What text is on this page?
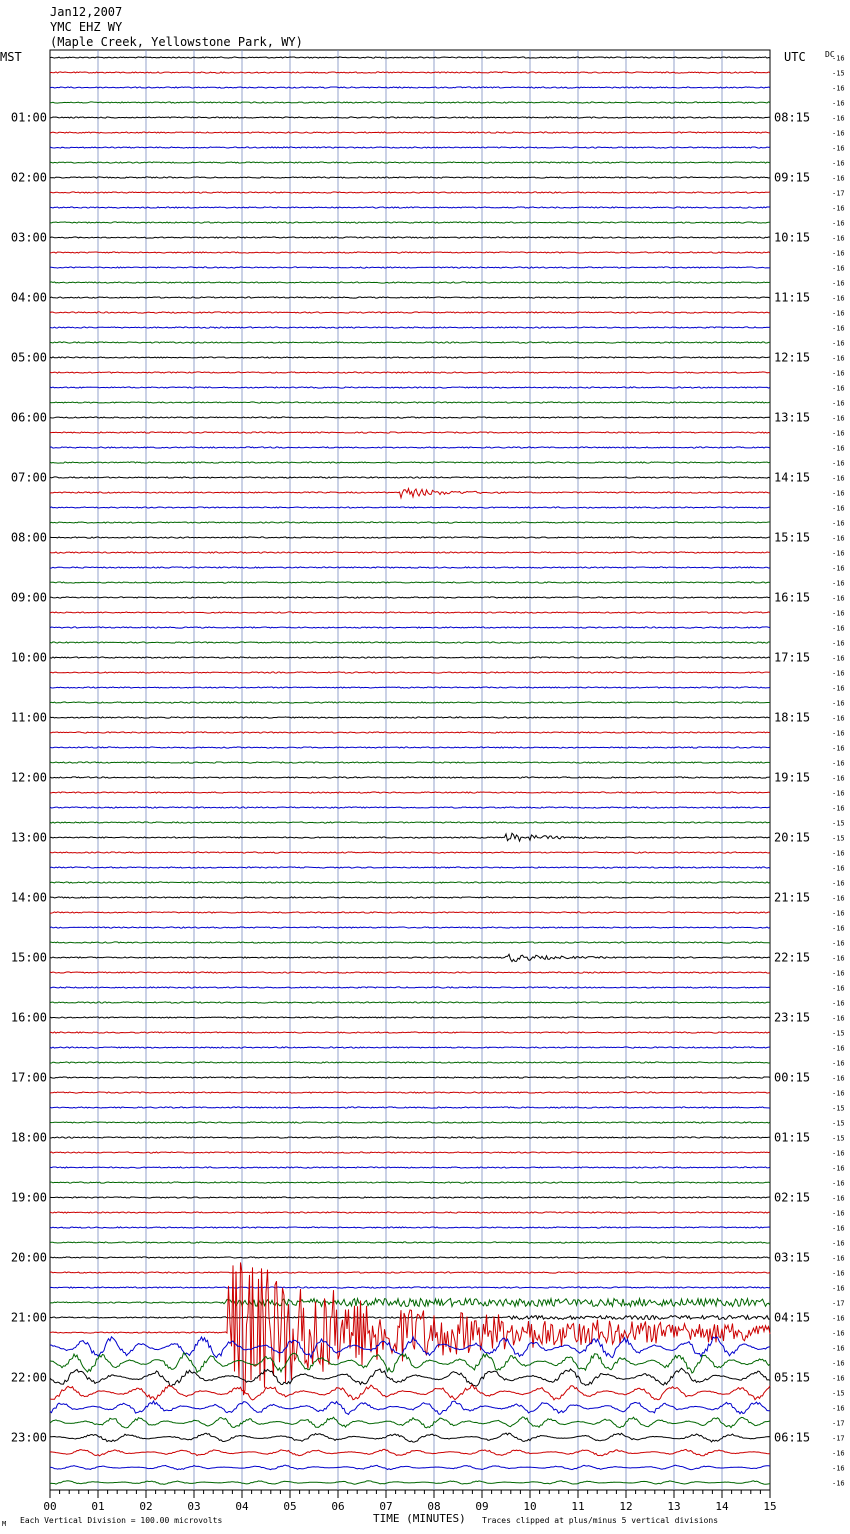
Jan12,2007
YMC EHZ WY
(Maple Creek, Yellowstone Park, WY)
MST	UTC DC
01:00
02:00
03:00
04:00
05:00
06:00
07:00
08:00
09:00
10:00
11:00
12:00
13:00
14:00
15:00
16:00
17:00
18:00
19:00
20:00
21:00
22:00
23:00
08:15
09:15
10:15
11:15
12:15
13:15
14:15
15:15
16:15
17:15
18:15
19:15
20:15
21:15
22:15
23:15
00:15
01:15
02:15
03:15
04:15
05:15
06:15
-16
-15
-16
-16
-16
-16
-16
-16
-16
-17
-16
-16
-16
-16
-16
-16
-16
-16
-16
-16
-16
-16
-16
-16
-16
-16
-16
-16
-16
-16
-16
-16
-16
-16
-16
-16
-16
-16
-16
-16
-16
-16
-16
-16
-16
-16
-16
-16
-16
-16
-16
-15
-15
-16
-16
-16
-16
-16
-16
-16
-16
-16
-16
-16
-16
-15
-16
-16
-16
-16
-15
-15
-15
-16
-16
-16
-16
-16
-16
-16
-16
-16
-16
-17
-16
-16
-16
-16
-16
-15
-16
-17
-17
-16
-16
-16
00	01	02	03	04	05	06	07	08	09	10	11	12	13	14	15
M Each Vertical Division = 100.00 microvolts	TIME (MINUTES) Traces clipped at plus/minus 5 vertical divisions
